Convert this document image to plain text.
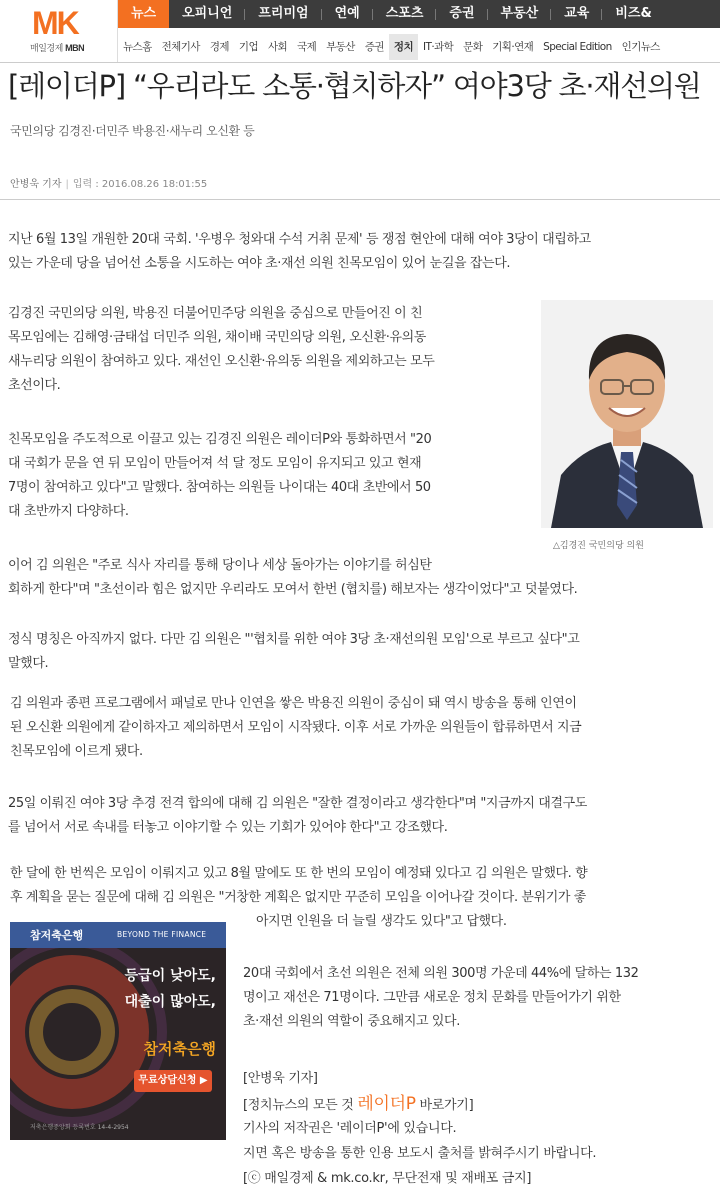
MK
매일경제 MBN
뉴스	오피니언	프리미엄	연예	스포츠	증권	부동산	교육	비즈&
뉴스홈 전체기사 경제 기업 사회 국제 부동산 증권 정치 IT·과학 문화 기획·연재 Special Edition 인기뉴스
[레이더P] “우리라도 소통·협치하자” 여야3당 초·재선의원
국민의당 김경진·더민주 박용진·새누리 오신환 등
안병욱 기자 | 입력 : 2016.08.26 18:01:55
지난 6월 13일 개원한 20대 국회. '우병우 청와대 수석 거취 문제' 등 쟁점 현안에 대해 여야 3당이 대립하고
있는 가운데 당을 넘어선 소통을 시도하는 여야 초·재선 의원 친목모임이 있어 눈길을 잡는다.
김경진 국민의당 의원, 박용진 더불어민주당 의원을 중심으로 만들어진 이 친
목모임에는 김해영·금태섭 더민주 의원, 채이배 국민의당 의원, 오신환·유의동
새누리당 의원이 참여하고 있다. 재선인 오신환·유의동 의원을 제외하고는 모두
초선이다.
친목모임을 주도적으로 이끌고 있는 김경진 의원은 레이더P와 통화하면서 "20
대 국회가 문을 연 뒤 모임이 만들어져 석 달 정도 모임이 유지되고 있고 현재
7명이 참여하고 있다"고 말했다. 참여하는 의원들 나이대는 40대 초반에서 50
대 초반까지 다양하다.
△김경진 국민의당 의원
이어 김 의원은 "주로 식사 자리를 통해 당이나 세상 돌아가는 이야기를 허심탄
회하게 한다"며 "초선이라 힘은 없지만 우리라도 모여서 한번 (협치를) 해보자는 생각이었다"고 덧붙였다.
정식 명칭은 아직까지 없다. 다만 김 의원은 "'협치를 위한 여야 3당 초·재선의원 모임'으로 부르고 싶다"고
말했다.
김 의원과 종편 프로그램에서 패널로 만나 인연을 쌓은 박용진 의원이 중심이 돼 역시 방송을 통해 인연이
된 오신환 의원에게 같이하자고 제의하면서 모임이 시작됐다. 이후 서로 가까운 의원들이 합류하면서 지금
친목모임에 이르게 됐다.
25일 이뤄진 여야 3당 추경 전격 합의에 대해 김 의원은 "잘한 결정이라고 생각한다"며 "지금까지 대결구도
를 넘어서 서로 속내를 터놓고 이야기할 수 있는 기회가 있어야 한다"고 강조했다.
한 달에 한 번씩은 모임이 이뤄지고 있고 8월 말에도 또 한 번의 모임이 예정돼 있다고 김 의원은 말했다. 향
후 계획을 묻는 질문에 대해 김 의원은 "거창한 계획은 없지만 꾸준히 모임을 이어나갈 것이다. 분위기가 좋
아지면 인원을 더 늘릴 생각도 있다"고 답했다.
참저축은행	BEYOND THE FINANCE
등급이 낮아도,
대출이 많아도,
참저축은행
무료상담신청 ▶
저축은행중앙회 등록번호 14-4-2954
20대 국회에서 초선 의원은 전체 의원 300명 가운데 44%에 달하는 132
명이고 재선은 71명이다. 그만큼 새로운 정치 문화를 만들어가기 위한
초·재선 의원의 역할이 중요해지고 있다.
[안병욱 기자]
[정치뉴스의 모든 것 레이더P 바로가기]
기사의 저작권은 '레이더P'에 있습니다.
지면 혹은 방송을 통한 인용 보도시 출처를 밝혀주시기 바랍니다.
[ⓒ 매일경제 & mk.co.kr, 무단전재 및 재배포 금지]
